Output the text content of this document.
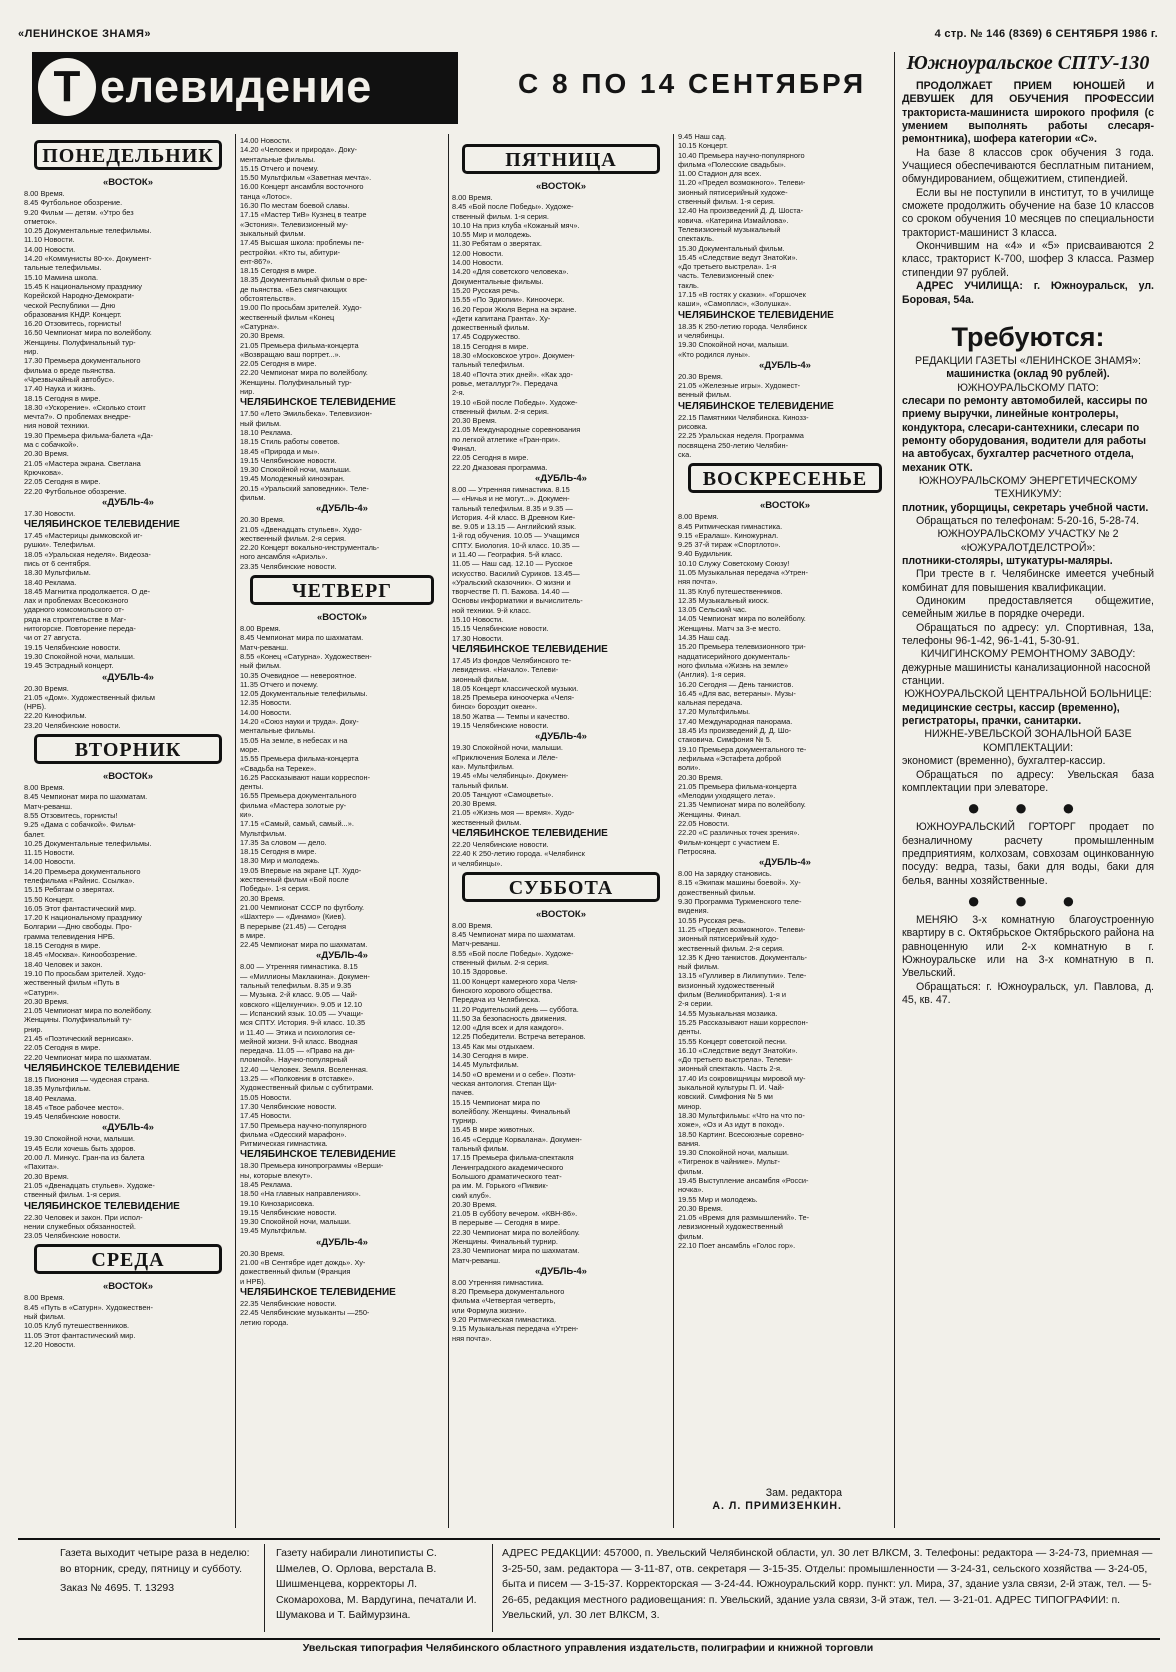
«ЛЕНИНСКОЕ ЗНАМЯ»	4 стр. № 146 (8369) 6 СЕНТЯБРЯ 1986 г.
Т елевидение	С 8 ПО 14 СЕНТЯБРЯ
ПОНЕДЕЛЬНИК
«ВОСТОК»
8.00 Время.
8.45 Футбольное обозрение.
9.20 Фильм — детям. «Утро без
отметок».
10.25 Документальные телефильмы.
11.10 Новости.
14.00 Новости.
14.20 «Коммунисты 80-х». Документ-
тальные телефильмы.
15.10 Мамина школа.
15.45 К национальному празднику
Корейской Народно-Демократи-
ческой Республики — Дню
образования КНДР. Концерт.
16.20 Отзовитесь, горнисты!
16.50 Чемпионат мира по волейболу.
Женщины. Полуфинальный тур-
нир.
17.30 Премьера документального
фильма о вреде пьянства.
«Чрезвычайный автобус».
17.40 Наука и жизнь.
18.15 Сегодня в мире.
18.30 «Ускорение». «Сколько стоит
мечта?». О проблемах внедре-
ния новой техники.
19.30 Премьера фильма-балета «Да-
ма с собачкой».
20.30 Время.
21.05 «Мастера экрана. Светлана
Крючкова».
22.05 Сегодня в мире.
22.20 Футбольное обозрение.
«ДУБЛЬ-4»
17.30 Новости.
ЧЕЛЯБИНСКОЕ ТЕЛЕВИДЕНИЕ
17.45 «Мастерицы дымковской иг-
рушки». Телефильм.
18.05 «Уральская неделя». Видеоза-
пись от 6 сентября.
18.30 Мультфильм.
18.40 Реклама.
18.45 Магнитка продолжается. О де-
лах и проблемах Всесоюзного
ударного комсомольского от-
ряда на строительстве в Маг-
нитогорске. Повторение переда-
чи от 27 августа.
19.15 Челябинские новости.
19.30 Спокойной ночи, малыши.
19.45 Эстрадный концерт.
«ДУБЛЬ-4»
20.30 Время.
21.05 «Дом». Художественный фильм
(НРБ).
22.20 Кинофильм.
23.20 Челябинские новости.
ВТОРНИК
«ВОСТОК»
8.00 Время.
8.45 Чемпионат мира по шахматам.
Матч-реванш.
8.55 Отзовитесь, горнисты!
9.25 «Дама с собачкой». Фильм-
балет.
10.25 Документальные телефильмы.
11.15 Новости.
14.00 Новости.
14.20 Премьера документального
телефильма «Райнис. Ссылка».
15.15 Ребятам о зверятах.
15.50 Концерт.
16.05 Этот фантастический мир.
17.20 К национальному празднику
Болгарии —Дню свободы. Про-
грамма телевидения НРБ.
18.15 Сегодня в мире.
18.45 «Москва». Кинообозрение.
18.40 Человек и закон.
19.10 По просьбам зрителей. Худо-
жественный фильм «Путь в
«Сатурн».
20.30 Время.
21.05 Чемпионат мира по волейболу.
Женщины. Полуфинальный ту-
рнир.
21.45 «Поэтический вернисаж».
22.05 Сегодня в мире.
22.20 Чемпионат мира по шахматам.
ЧЕЛЯБИНСКОЕ ТЕЛЕВИДЕНИЕ
18.15 Пионония — чудесная страна.
18.35 Мультфильм.
18.40 Реклама.
18.45 «Твое рабочее место».
19.45 Челябинские новости.
«ДУБЛЬ-4»
19.30 Спокойной ночи, малыши.
19.45 Если хочешь быть здоров.
20.00 Л. Минкус. Гран-па из балета
«Пахита».
20.30 Время.
21.05 «Двенадцать стульев». Художе-
ственный фильм. 1-я серия.
ЧЕЛЯБИНСКОЕ ТЕЛЕВИДЕНИЕ
22.30 Человек и закон. При испол-
нении служебных обязанностей.
23.05 Челябинские новости.
СРЕДА
«ВОСТОК»
8.00 Время.
8.45 «Путь в «Сатурн». Художествен-
ный фильм.
10.05 Клуб путешественников.
11.05 Этот фантастический мир.
12.20 Новости.
14.00 Новости.
14.20 «Человек и природа». Доку-
ментальные фильмы.
15.15 Отчего и почему.
15.50 Мультфильм «Заветная мечта».
16.00 Концерт ансамбля восточного
танца «Лотос».
16.30 По местам боевой славы.
17.15 «Мастер ТиВ» Кузнец в театре
«Эстония». Телевизионный му-
зыкальный фильм.
17.45 Высшая школа: проблемы пе-
рестройки. «Кто ты, абитури-
ент-86?».
18.15 Сегодня в мире.
18.35 Документальный фильм о вре-
де пьянства. «Без смягчающих
обстоятельств».
19.00 По просьбам зрителей. Худо-
жественный фильм «Конец
«Сатурна».
20.30 Время.
21.05 Премьера фильма-концерта
«Возвращаю ваш портрет...».
22.05 Сегодня в мире.
22.20 Чемпионат мира по волейболу.
Женщины. Полуфинальный тур-
нир.
ЧЕЛЯБИНСКОЕ ТЕЛЕВИДЕНИЕ
17.50 «Лето Эмильбека». Телевизион-
ный фильм.
18.10 Реклама.
18.15 Стиль работы советов.
18.45 «Природа и мы».
19.15 Челябинские новости.
19.30 Спокойной ночи, малыши.
19.45 Молодежный киноэкран.
20.15 «Уральский заповедник». Теле-
фильм.
«ДУБЛЬ-4»
20.30 Время.
21.05 «Двенадцать стульев». Худо-
жественный фильм. 2-я серия.
22.20 Концерт вокально-инструменталь-
ного ансамбля «Ариэль».
23.35 Челябинские новости.
ЧЕТВЕРГ
«ВОСТОК»
8.00 Время.
8.45 Чемпионат мира по шахматам.
Матч-реванш.
8.55 «Конец «Сатурна». Художествен-
ный фильм.
10.35 Очевидное — невероятное.
11.35 Отчего и почему.
12.05 Документальные телефильмы.
12.35 Новости.
14.00 Новости.
14.20 «Союз науки и труда». Доку-
ментальные фильмы.
15.05 На земле, в небесах и на
море.
15.55 Премьера фильма-концерта
«Свадьба на Тереке».
16.25 Рассказывают наши корреспон-
денты.
16.55 Премьера документального
фильма «Мастера золотые ру-
ки».
17.15 «Самый, самый, самый...».
Мультфильм.
17.35 За словом — дело.
18.15 Сегодня в мире.
18.30 Мир и молодежь.
19.05 Впервые на экране ЦТ. Худо-
жественный фильм «Бой после
Победы». 1-я серия.
20.30 Время.
21.00 Чемпионат СССР по футболу.
«Шахтер» — «Динамо» (Киев).
В перерыве (21.45) — Сегодня
в мире.
22.45 Чемпионат мира по шахматам.
«ДУБЛЬ-4»
8.00 — Утренняя гимнастика. 8.15
— «Миллионы Маклакина». Докумен-
тальный телефильм. 8.35 и 9.35
— Музыка. 2-й класс. 9.05 — Чай-
ковского «Щелкунчик». 9.05 и 12.10
— Испанский язык. 10.05 — Учащи-
мся СПТУ. История. 9-й класс. 10.35
и 11.40 — Этика и психология се-
мейной жизни. 9-й класс. Вводная
передача. 11.05 — «Право на ди-
пломной». Научно-популярный
12.40 — Человек. Земля. Вселенная.
13.25 — «Полковник в отставке».
Художественный фильм с субтитрами.
15.05 Новости.
17.30 Челябинские новости.
17.45 Новости.
17.50 Премьера научно-популярного
фильма «Одесский марафон».
Ритмическая гимнастика.
ЧЕЛЯБИНСКОЕ ТЕЛЕВИДЕНИЕ
18.30 Премьера кинопрограммы «Верши-
ны, которые влекут».
18.45 Реклама.
18.50 «На главных направлениях».
19.10 Кинозарисовка.
19.15 Челябинские новости.
19.30 Спокойной ночи, малыши.
19.45 Мультфильм.
«ДУБЛЬ-4»
20.30 Время.
21.00 «В Сентябре идет дождь». Ху-
дожественный фильм (Франция
и НРБ).
ЧЕЛЯБИНСКОЕ ТЕЛЕВИДЕНИЕ
22.35 Челябинские новости.
22.45 Челябинские музыканты —250-
летию города.
ПЯТНИЦА
«ВОСТОК»
8.00 Время.
8.45 «Бой после Победы». Художе-
ственный фильм. 1-я серия.
10.10 На приз клуба «Кожаный мяч».
10.55 Мир и молодежь.
11.30 Ребятам о зверятах.
12.00 Новости.
14.00 Новости.
14.20 «Для советского человека».
Документальные фильмы.
15.20 Русская речь.
15.55 «По Эдиопии». Киноочерк.
16.20 Герои Жюля Верна на экране.
«Дети капитана Гранта». Ху-
дожественный фильм.
17.45 Содружество.
18.15 Сегодня в мире.
18.30 «Московское утро». Докумен-
тальный телефильм.
18.40 «Почта этих дней». «Как здо-
ровье, металлург?». Передача
2-я.
19.10 «Бой после Победы». Художе-
ственный фильм. 2-я серия.
20.30 Время.
21.05 Международные соревнования
по легкой атлетике «Гран-при».
Финал.
22.05 Сегодня в мире.
22.20 Джазовая программа.
«ДУБЛЬ-4»
8.00 — Утренняя гимнастика. 8.15
— «Ничья и не могут...». Докумен-
тальный телефильм. 8.35 и 9.35 —
История. 4-й класс. В Древном Кие-
ве. 9.05 и 13.15 — Английский язык.
1-й год обучения. 10.05 — Учащимся
СПТУ. Биология. 10-й класс. 10.35 —
и 11.40 — География. 5-й класс.
11.05 — Наш сад. 12.10 — Русское
искусство. Василий Суриков. 13.45—
«Уральский сказочник». О жизни и
творчестве П. П. Бажова. 14.40 —
Основы информатики и вычислитель-
ной техники. 9-й класс.
15.10 Новости.
15.15 Челябинские новости.
17.30 Новости.
ЧЕЛЯБИНСКОЕ ТЕЛЕВИДЕНИЕ
17.45 Из фондов Челябинского те-
левидения. «Начало». Телеви-
зионный фильм.
18.05 Концерт классической музыки.
18.25 Премьера киноочерка «Челя-
бинск» бороздит океан».
18.50 Жатва — Темпы и качество.
19.15 Челябинские новости.
«ДУБЛЬ-4»
19.30 Спокойной ночи, малыши.
«Приключения Болека и Лёле-
ка». Мультфильм.
19.45 «Мы челябинцы». Докумен-
тальный фильм.
20.05 Танцуют «Самоцветы».
20.30 Время.
21.05 «Жизнь моя — время». Худо-
жественный фильм.
ЧЕЛЯБИНСКОЕ ТЕЛЕВИДЕНИЕ
22.20 Челябинские новости.
22.40 К 250-летию города. «Челябинск
и челябинцы».
СУББОТА
«ВОСТОК»
8.00 Время.
8.45 Чемпионат мира по шахматам.
Матч-реванш.
8.55 «Бой после Победы». Художе-
ственный фильм. 2-я серия.
10.15 Здоровье.
11.00 Концерт камерного хора Челя-
бинского хорового общества.
Передача из Челябинска.
11.20 Родительский день — суббота.
11.50 За безопасность движения.
12.00 «Для всех и для каждого».
12.25 Победители. Встреча ветеранов.
13.45 Как мы отдыхаем.
14.30 Сегодня в мире.
14.45 Мультфильм.
14.50 «О времени и о себе». Поэти-
ческая антология. Степан Щи-
пачев.
15.15 Чемпионат мира по
волейболу. Женщины. Финальный
турнир.
15.45 В мире животных.
16.45 «Сердце Корвалана». Докумен-
тальный фильм.
17.15 Премьера фильма-спектакля
Ленинградского академического
Большого драматического теат-
ра им. М. Горького «Пиквик-
ский клуб».
20.30 Время.
21.05 В субботу вечером. «КВН-86».
В перерыве — Сегодня в мире.
22.30 Чемпионат мира по волейболу.
Женщины. Финальный турнир.
23.30 Чемпионат мира по шахматам.
Матч-реванш.
«ДУБЛЬ-4»
8.00 Утренняя гимнастика.
8.20 Премьера документального
фильма «Четвертая четверть,
или Формула жизни».
9.20 Ритмическая гимнастика.
9.15 Музыкальная передача «Утрен-
няя почта».
9.45 Наш сад.
10.15 Концерт.
10.40 Премьера научно-популярного
фильма «Полесские свадьбы».
11.00 Стадион для всех.
11.20 «Предел возможного». Телеви-
зионный пятисерийный художе-
ственный фильм. 1-я серия.
12.40 На произведений Д. Д. Шоста-
ковича. «Катерина Измайлова».
Телевизионный музыкальный
спектакль.
15.30 Документальный фильм.
15.45 «Следствие ведут ЗнатоКи».
«До третьего выстрела». 1-я
часть. Телевизионный спек-
такль.
17.15 «В гостях у сказки». «Горшочек
каши», «Самоплас», «Золушка».
ЧЕЛЯБИНСКОЕ ТЕЛЕВИДЕНИЕ
18.35 К 250-летию города. Челябинск
и челябинцы.
19.30 Спокойной ночи, малыши.
«Кто родился луны».
«ДУБЛЬ-4»
20.30 Время.
21.05 «Железные игры». Художест-
венный фильм.
ЧЕЛЯБИНСКОЕ ТЕЛЕВИДЕНИЕ
22.15 Памятники Челябинска. Кинозз-
рисовка.
22.25 Уральская неделя. Программа
посвящена 250-летию Челябин-
ска.
ВОСКРЕСЕНЬЕ
«ВОСТОК»
8.00 Время.
8.45 Ритмическая гимнастика.
9.15 «Ералаш». Киножурнал.
9.25 37-й тираж «Спортлото».
9.40 Будильник.
10.10 Служу Советскому Союзу!
11.05 Музыкальная передача «Утрен-
няя почта».
11.35 Клуб путешественников.
12.35 Музыкальный киоск.
13.05 Сельский час.
14.05 Чемпионат мира по волейболу.
Женщины. Матч за 3-е место.
14.35 Наш сад.
15.20 Премьера телевизионного три-
надцатисерийного документаль-
ного фильма «Жизнь на земле»
(Англия). 1-я серия.
16.20 Сегодня — День танкистов.
16.45 «Для вас, ветераны». Музы-
кальная передача.
17.20 Мультфильмы.
17.40 Международная панорама.
18.45 Из произведений Д. Д. Шо-
стаковича. Симфония № 5.
19.10 Премьера документального те-
лефильма «Эстафета доброй
воли».
20.30 Время.
21.05 Премьера фильма-концерта
«Мелодии уходящего лета».
21.35 Чемпионат мира по волейболу.
Женщины. Финал.
22.05 Новости.
22.20 «С различных точек зрения».
Фильм-концерт с участием Е.
Петросяна.
«ДУБЛЬ-4»
8.00 На зарядку становись.
8.15 «Экипаж машины боевой». Ху-
дожественный фильм.
9.30 Программа Туркменского теле-
видения.
10.55 Русская речь.
11.25 «Предел возможного». Телеви-
зионный пятисерийный худо-
жественный фильм. 2-я серия.
12.35 К Дню танкистов. Документаль-
ный фильм.
13.15 «Гулливер в Лилипутии». Теле-
визионный художественный
фильм (Великобритания). 1-я и
2-я серии.
14.55 Музыкальная мозаика.
15.25 Рассказывают наши корреспон-
денты.
15.55 Концерт советской песни.
16.10 «Следствие ведут ЗнатоКи».
«До третьего выстрела». Телеви-
зионный спектакль. Часть 2-я.
17.40 Из сокровищницы мировой му-
зыкальной культуры П. И. Чай-
ковский. Симфония № 5 ми
минор.
18.30 Мультфильмы: «Что на что по-
хоже», «Оз и Аз идут в поход».
18.50 Картинг. Всесоюзные соревно-
вания.
19.30 Спокойной ночи, малыши.
«Тигренок в чайнике». Мульт-
фильм.
19.45 Выступление ансамбля «Росси-
ночка».
19.55 Мир и молодежь.
20.30 Время.
21.05 «Время для размышлений». Те-
левизионный художественный
фильм.
22.10 Поет ансамбль «Голос гор».
Южноуральское СПТУ-130

ПРОДОЛЖАЕТ ПРИЕМ ЮНОШЕЙ И ДЕВУШЕК ДЛЯ ОБУЧЕНИЯ ПРОФЕССИИ тракториста-машиниста широкого профиля (с умением выполнять работы слесаря-ремонтника), шофера категории «С».

На базе 8 классов срок обучения 3 года. Учащиеся обеспечиваются бесплатным питанием, обмундированием, общежитием, стипендией.

Если вы не поступили в институт, то в училище сможете продолжить обучение на базе 10 классов со сроком обучения 10 месяцев по специальности тракторист-машинист 3 класса.

Окончившим на «4» и «5» присваиваются 2 класс, тракторист К-700, шофер 3 класса. Размер стипендии 97 рублей.

АДРЕС УЧИЛИЩА: г. Южноуральск, ул. Боровая, 54а.

Требуются:

РЕДАКЦИИ ГАЗЕТЫ «ЛЕНИНСКОЕ ЗНАМЯ»:

машинистка (оклад 90 рублей).

ЮЖНОУРАЛЬСКОМУ ПАТО:

слесари по ремонту автомобилей, кассиры по приему выручки, линейные контролеры, кондуктора, слесари-сантехники, слесари по ремонту оборудования, водители для работы на автобусах, бухгалтер расчетного отдела, механик ОТК.

ЮЖНОУРАЛЬСКОМУ ЭНЕРГЕТИЧЕСКОМУ ТЕХНИКУМУ:

плотник, уборщицы, секретарь учебной части.

Обращаться по телефонам: 5-20-16, 5-28-74.

ЮЖНОУРАЛЬСКОМУ УЧАСТКУ № 2 «ЮЖУРАЛОТДЕЛСТРОЙ»:

плотники-столяры, штукатуры-маляры.

При тресте в г. Челябинске имеется учебный комбинат для повышения квалификации.

Одиноким предоставляется общежитие, семейным жилье в порядке очереди.

Обращаться по адресу: ул. Спортивная, 13а, телефоны 96-1-42, 96-1-41, 5-30-91.

КИЧИГИНСКОМУ РЕМОНТНОМУ ЗАВОДУ:

дежурные машинисты канализационной насосной станции.

ЮЖНОУРАЛЬСКОЙ ЦЕНТРАЛЬНОЙ БОЛЬНИЦЕ:

медицинские сестры, кассир (временно), регистраторы, прачки, санитарки.

НИЖНЕ-УВЕЛЬСКОЙ ЗОНАЛЬНОЙ БАЗЕ КОМПЛЕКТАЦИИ:

экономист (временно), бухгалтер-кассир.

Обращаться по адресу: Увельская база комплектации при элеваторе.

● ● ●

ЮЖНОУРАЛЬСКИЙ ГОРТОРГ продает по безналичному расчету промышленным предприятиям, колхозам, совхозам оцинкованную посуду: ведра, тазы, баки для воды, баки для белья, ванны хозяйственные.

● ● ●

МЕНЯЮ 3-х комнатную благоустроенную квартиру в с. Октябрьское Октябрьского района на равноценную или 2-х комнатную в г. Южноуральске или на 3-х комнатную в п. Увельский.

Обращаться: г. Южноуральск, ул. Павлова, д. 45, кв. 47.

Зам. редактора
А. Л. ПРИМИЗЕНКИН.
Газета выходит четыре раза в неделю: во вторник, среду, пятницу и субботу.
Заказ № 4695. Т. 13293
Газету набирали линотиписты С. Шмелев, О. Орлова, верстала В. Шишменцева, корректоры Л. Скомарохова, М. Вардугина, печатали И. Шумакова и Т. Баймурзина.
АДРЕС РЕДАКЦИИ: 457000, п. Увельский Челябинской области, ул. 30 лет ВЛКСМ, 3. Телефоны: редактора — 3-24-73, приемная — 3-25-50, зам. редактора — 3-11-87, отв. секретаря — 3-15-35. Отделы: промышленности — 3-24-31, сельского хозяйства — 3-24-05, быта и писем — 3-15-37. Корректорская — 3-24-44. Южноуральский корр. пункт: ул. Мира, 37, здание узла связи, 2-й этаж, тел. — 5-26-65, редакция местного радиовещания: п. Увельский, здание узла связи, 3-й этаж, тел. — 3-21-01. АДРЕС ТИПОГРАФИИ: п. Увельский, ул. 30 лет ВЛКСМ, 3.
Увельская типография Челябинского областного управления издательств, полиграфии и книжной торговли
